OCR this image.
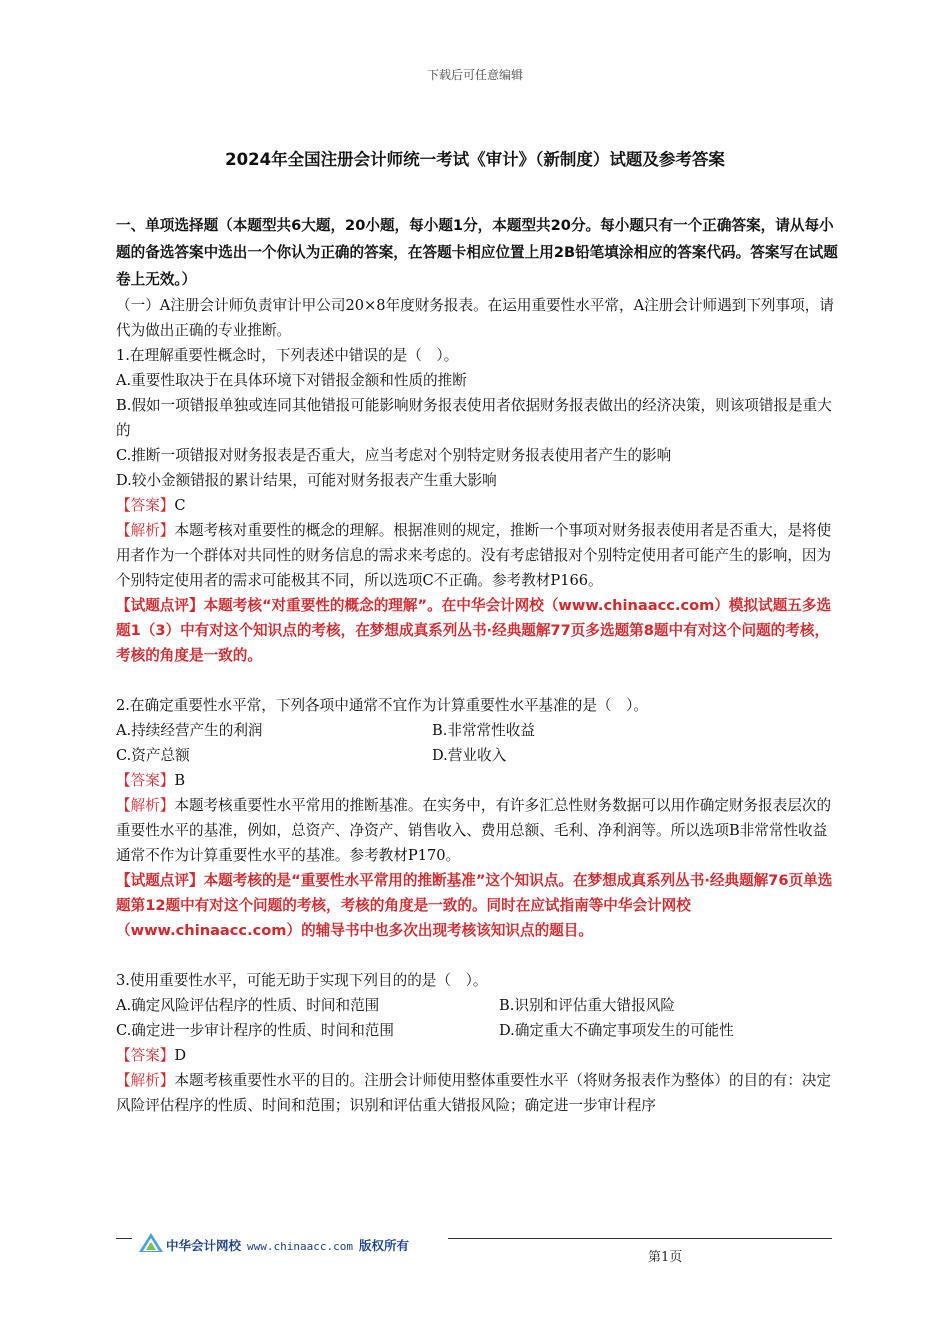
下载后可任意编辑
2024年全国注册会计师统一考试《审计》（新制度）试题及参考答案

一、单项选择题（本题型共6大题，20小题，每小题1分，本题型共20分。每小题只有一个正确答案，请从每小题的备选答案中选出一个你认为正确的答案，在答题卡相应位置上用2B铅笔填涂相应的答案代码。答案写在试题卷上无效。）

（一）A注册会计师负责审计甲公司20×8年度财务报表。在运用重要性水平常，A注册会计师遇到下列事项，请代为做出正确的专业推断。

1.在理解重要性概念时，下列表述中错误的是（　）。

A.重要性取决于在具体环境下对错报金额和性质的推断

B.假如一项错报单独或连同其他错报可能影响财务报表使用者依据财务报表做出的经济决策，则该项错报是重大的

C.推断一项错报对财务报表是否重大，应当考虑对个别特定财务报表使用者产生的影响

D.较小金额错报的累计结果，可能对财务报表产生重大影响

【答案】C

【解析】本题考核对重要性的概念的理解。根据准则的规定，推断一个事项对财务报表使用者是否重大，是将使用者作为一个群体对共同性的财务信息的需求来考虑的。没有考虑错报对个别特定使用者可能产生的影响，因为个别特定使用者的需求可能极其不同，所以选项C不正确。参考教材P166。

【试题点评】本题考核“对重要性的概念的理解”。在中华会计网校（www.chinaacc.com）模拟试题五多选题1（3）中有对这个知识点的考核，在梦想成真系列丛书·经典题解77页多选题第8题中有对这个问题的考核，考核的角度是一致的。

2.在确定重要性水平常，下列各项中通常不宜作为计算重要性水平基准的是（　）。

A.持续经营产生的利润	B.非常常性收益
C.资产总额	D.营业收入

【答案】B

【解析】本题考核重要性水平常用的推断基准。在实务中，有许多汇总性财务数据可以用作确定财务报表层次的重要性水平的基准，例如，总资产、净资产、销售收入、费用总额、毛利、净利润等。所以选项B非常常性收益通常不作为计算重要性水平的基准。参考教材P170。

【试题点评】本题考核的是“重要性水平常用的推断基准”这个知识点。在梦想成真系列丛书·经典题解76页单选题第12题中有对这个问题的考核，考核的角度是一致的。同时在应试指南等中华会计网校（www.chinaacc.com）的辅导书中也多次出现考核该知识点的题目。

3.使用重要性水平，可能无助于实现下列目的的是（　）。

A.确定风险评估程序的性质、时间和范围	B.识别和评估重大错报风险
C.确定进一步审计程序的性质、时间和范围	D.确定重大不确定事项发生的可能性

【答案】D

【解析】本题考核重要性水平的目的。注册会计师使用整体重要性水平（将财务报表作为整体）的目的有：决定风险评估程序的性质、时间和范围；识别和评估重大错报风险；确定进一步审计程序

中华会计网校 www.chinaacc.com 版权所有
第1页
